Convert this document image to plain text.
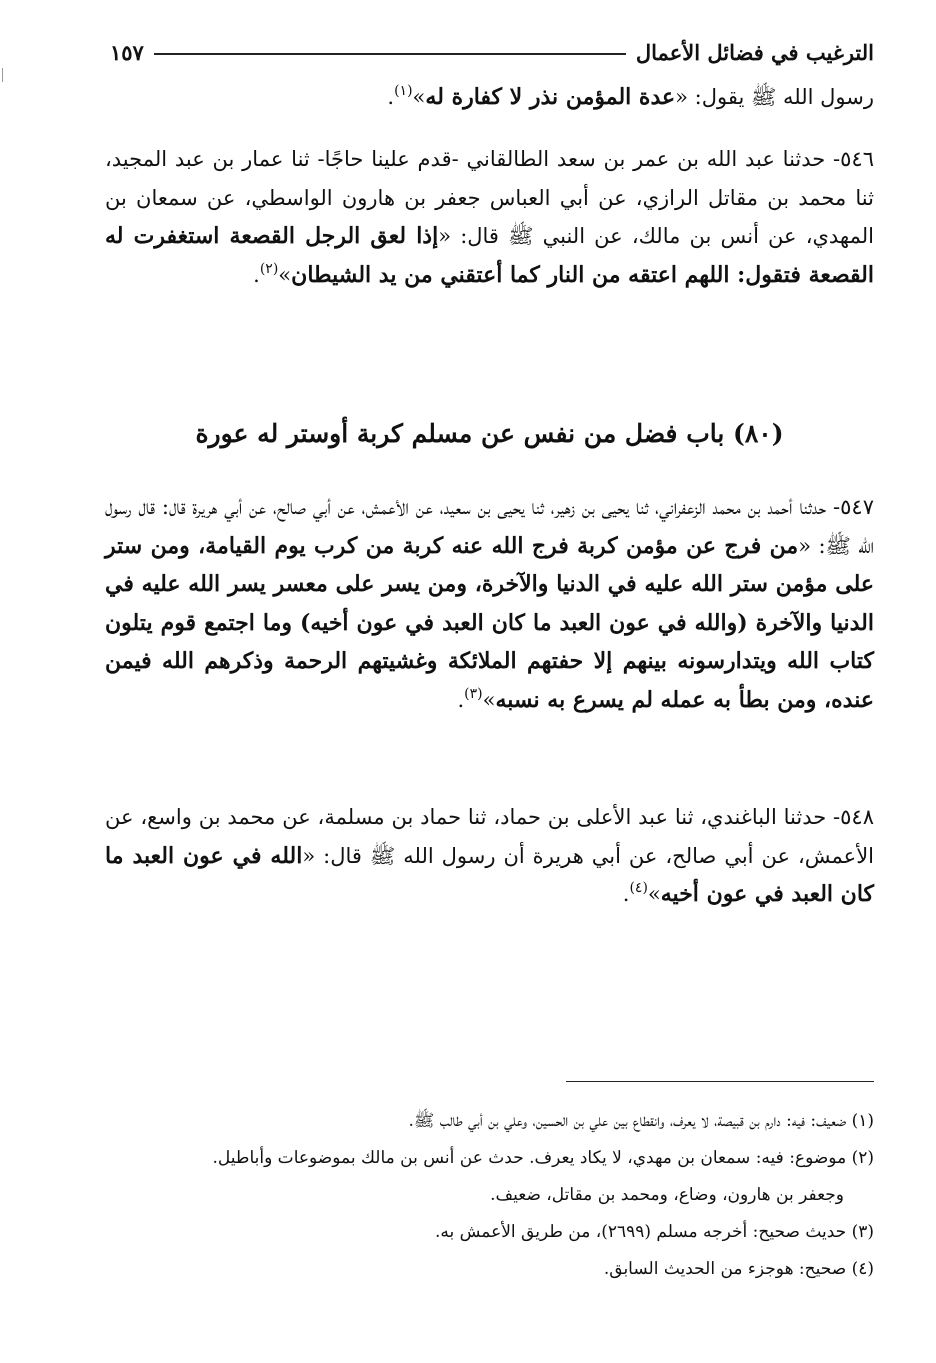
الترغيب في فضائل الأعمال
١٥٧
رسول الله ﷺ يقول: «عدة المؤمن نذر لا كفارة له»$^{(١)}$.
٥٤٦- حدثنا عبد الله بن عمر بن سعد الطالقاني -قدم علينا حاجًا- ثنا عمار بن عبد المجيد، ثنا محمد بن مقاتل الرازي، عن أبي العباس جعفر بن هارون الواسطي، عن سمعان بن المهدي، عن أنس بن مالك، عن النبي ﷺ قال: «إذا لعق الرجل القصعة استغفرت له القصعة فتقول: اللهم اعتقه من النار كما أعتقني من يد الشيطان»$^{(٢)}$.
(٨٠) باب فضل من نفس عن مسلم كربة أوستر له عورة
٥٤٧- حدثنا أحمد بن محمد الزعفراني، ثنا يحيى بن زهير، ثنا يحيى بن سعيد، عن الأعمش، عن أبي صالح، عن أبي هريرة قال: قال رسول الله ﷺ: «من فرج عن مؤمن كربة فرج الله عنه كربة من كرب يوم القيامة، ومن ستر على مؤمن ستر الله عليه في الدنيا والآخرة، ومن يسر على معسر يسر الله عليه في الدنيا والآخرة (والله في عون العبد ما كان العبد في عون أخيه) وما اجتمع قوم يتلون كتاب الله ويتدارسونه بينهم إلا حفتهم الملائكة وغشيتهم الرحمة وذكرهم الله فيمن عنده، ومن بطأ به عمله لم يسرع به نسبه»$^{(٣)}$.
٥٤٨- حدثنا الباغندي، ثنا عبد الأعلى بن حماد، ثنا حماد بن مسلمة، عن محمد بن واسع، عن الأعمش، عن أبي صالح، عن أبي هريرة أن رسول الله ﷺ قال: «الله في عون العبد ما كان العبد في عون أخيه»$^{(٤)}$.
(١) ضعيف: فيه: دارم بن قبيصة، لا يعرف، وانقطاع بين علي بن الحسين، وعلي بن أبي طالب ﷺ.
(٢) موضوع: فيه: سمعان بن مهدي، لا يكاد يعرف. حدث عن أنس بن مالك بموضوعات وأباطيل.
وجعفر بن هارون، وضاع، ومحمد بن مقاتل، ضعيف.
(٣) حديث صحيح: أخرجه مسلم (٢٦٩٩)، من طريق الأعمش به.
(٤) صحيح: هوجزء من الحديث السابق.
